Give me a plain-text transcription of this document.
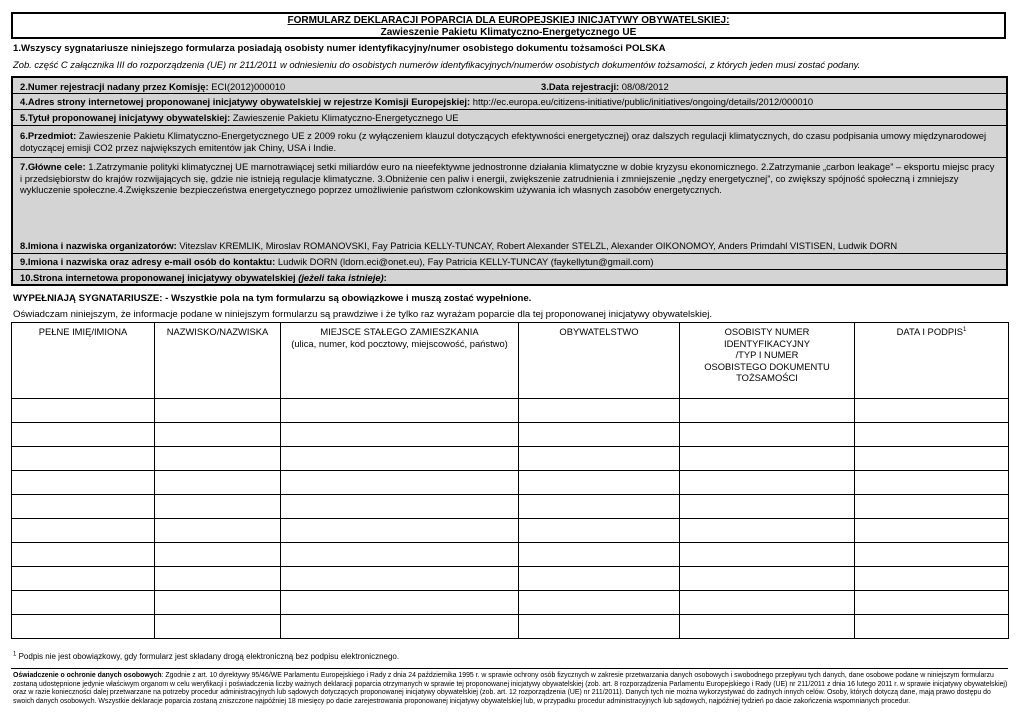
FORMULARZ DEKLARACJI POPARCIA DLA EUROPEJSKIEJ INICJATYWY OBYWATELSKIEJ:
Zawieszenie Pakietu Klimatyczno-Energetycznego UE
1.Wszyscy sygnatariusze niniejszego formularza posiadają osobisty numer identyfikacyjny/numer osobistego dokumentu tożsamości POLSKA
Zob. część C załącznika III do rozporządzenia (UE) nr 211/2011 w odniesieniu do osobistych numerów identyfikacyjnych/numerów osobistych dokumentów tożsamości, z których jeden musi zostać podany.
2.Numer rejestracji nadany przez Komisję: ECI(2012)000010	3.Data rejestracji: 08/08/2012
4.Adres strony internetowej proponowanej inicjatywy obywatelskiej w rejestrze Komisji Europejskiej: http://ec.europa.eu/citizens-initiative/public/initiatives/ongoing/details/2012/000010
5.Tytuł proponowanej inicjatywy obywatelskiej: Zawieszenie Pakietu Klimatyczno-Energetycznego UE
6.Przedmiot: Zawieszenie Pakietu Klimatyczno-Energetycznego UE z 2009 roku (z wyłączeniem klauzul dotyczących efektywności energetycznej) oraz dalszych regulacji klimatycznych, do czasu podpisania umowy międzynarodowej dotyczącej emisji CO2 przez największych emitentów jak Chiny, USA i Indie.
7.Główne cele: 1.Zatrzymanie polityki klimatycznej UE marnotrawiącej setki miliardów euro na nieefektywne jednostronne działania klimatyczne w dobie kryzysu ekonomicznego. 2.Zatrzymanie „carbon leakage” – eksportu miejsc pracy i przedsiębiorstw do krajów rozwijających się, gdzie nie istnieją regulacje klimatyczne. 3.Obniżenie cen paliw i energii, zwiększenie zatrudnienia i zmniejszenie „nędzy energetycznej”, co zwiększy spójność społeczną i zmniejszy wykluczenie społeczne.4.Zwiększenie bezpieczeństwa energetycznego poprzez umożliwienie państwom członkowskim używania ich własnych zasobów energetycznych.
8.Imiona i nazwiska organizatorów: Vitezslav KREMLIK, Miroslav ROMANOVSKI, Fay Patricia KELLY-TUNCAY, Robert Alexander STELZL, Alexander OIKONOMOY, Anders Primdahl VISTISEN, Ludwik DORN
9.Imiona i nazwiska oraz adresy e-mail osób do kontaktu: Ludwik DORN (ldorn.eci@onet.eu), Fay Patricia KELLY-TUNCAY (faykellytun@gmail.com)
10.Strona internetowa proponowanej inicjatywy obywatelskiej (jeżeli taka istnieje):
WYPEŁNIAJĄ SYGNATARIUSZE: - Wszystkie pola na tym formularzu są obowiązkowe i muszą zostać wypełnione.
Oświadczam niniejszym, że informacje podane w niniejszym formularzu są prawdziwe i że tylko raz wyrażam poparcie dla tej proponowanej inicjatywy obywatelskiej.
PEŁNE IMIĘ/IMIONA	NAZWISKO/NAZWISKA	MIEJSCE STAŁEGO ZAMIESZKANIA
(ulica, numer, kod pocztowy, miejscowość, państwo)	OBYWATELSTWO	OSOBISTY NUMER
IDENTYFIKACYJNY
/TYP I NUMER
OSOBISTEGO DOKUMENTU
TOŻSAMOŚCI	DATA I PODPIS$^1$

$^1$ Podpis nie jest obowiązkowy, gdy formularz jest składany drogą elektroniczną bez podpisu elektronicznego.
Oświadczenie o ochronie danych osobowych: Zgodnie z art. 10 dyrektywy 95/46/WE Parlamentu Europejskiego i Rady z dnia 24 października 1995 r. w sprawie ochrony osób fizycznych w zakresie przetwarzania danych osobowych i swobodnego przepływu tych danych, dane osobowe podane w niniejszym formularzu zostaną udostępnione jedynie właściwym organom w celu weryfikacji i poświadczenia liczby ważnych deklaracji poparcia otrzymanych w sprawie tej proponowanej inicjatywy obywatelskiej (zob. art. 8 rozporządzenia Parlamentu Europejskiego i Rady (UE) nr 211/2011 z dnia 16 lutego 2011 r. w sprawie inicjatywy obywatelskiej) oraz w razie konieczności dalej przetwarzane na potrzeby procedur administracyjnych lub sądowych dotyczących proponowanej inicjatywy obywatelskiej (zob. art. 12 rozporządzenia (UE) nr 211/2011). Danych tych nie można wykorzystywać do żadnych innych celów. Osoby, których dotyczą dane, mają prawo dostępu do swoich danych osobowych. Wszystkie deklaracje poparcia zostaną zniszczone najpóźniej 18 miesięcy po dacie zarejestrowania proponowanej inicjatywy obywatelskiej lub, w przypadku procedur administracyjnych lub sądowych, najpóźniej tydzień po dacie zakończenia wspomnianych procedur.
